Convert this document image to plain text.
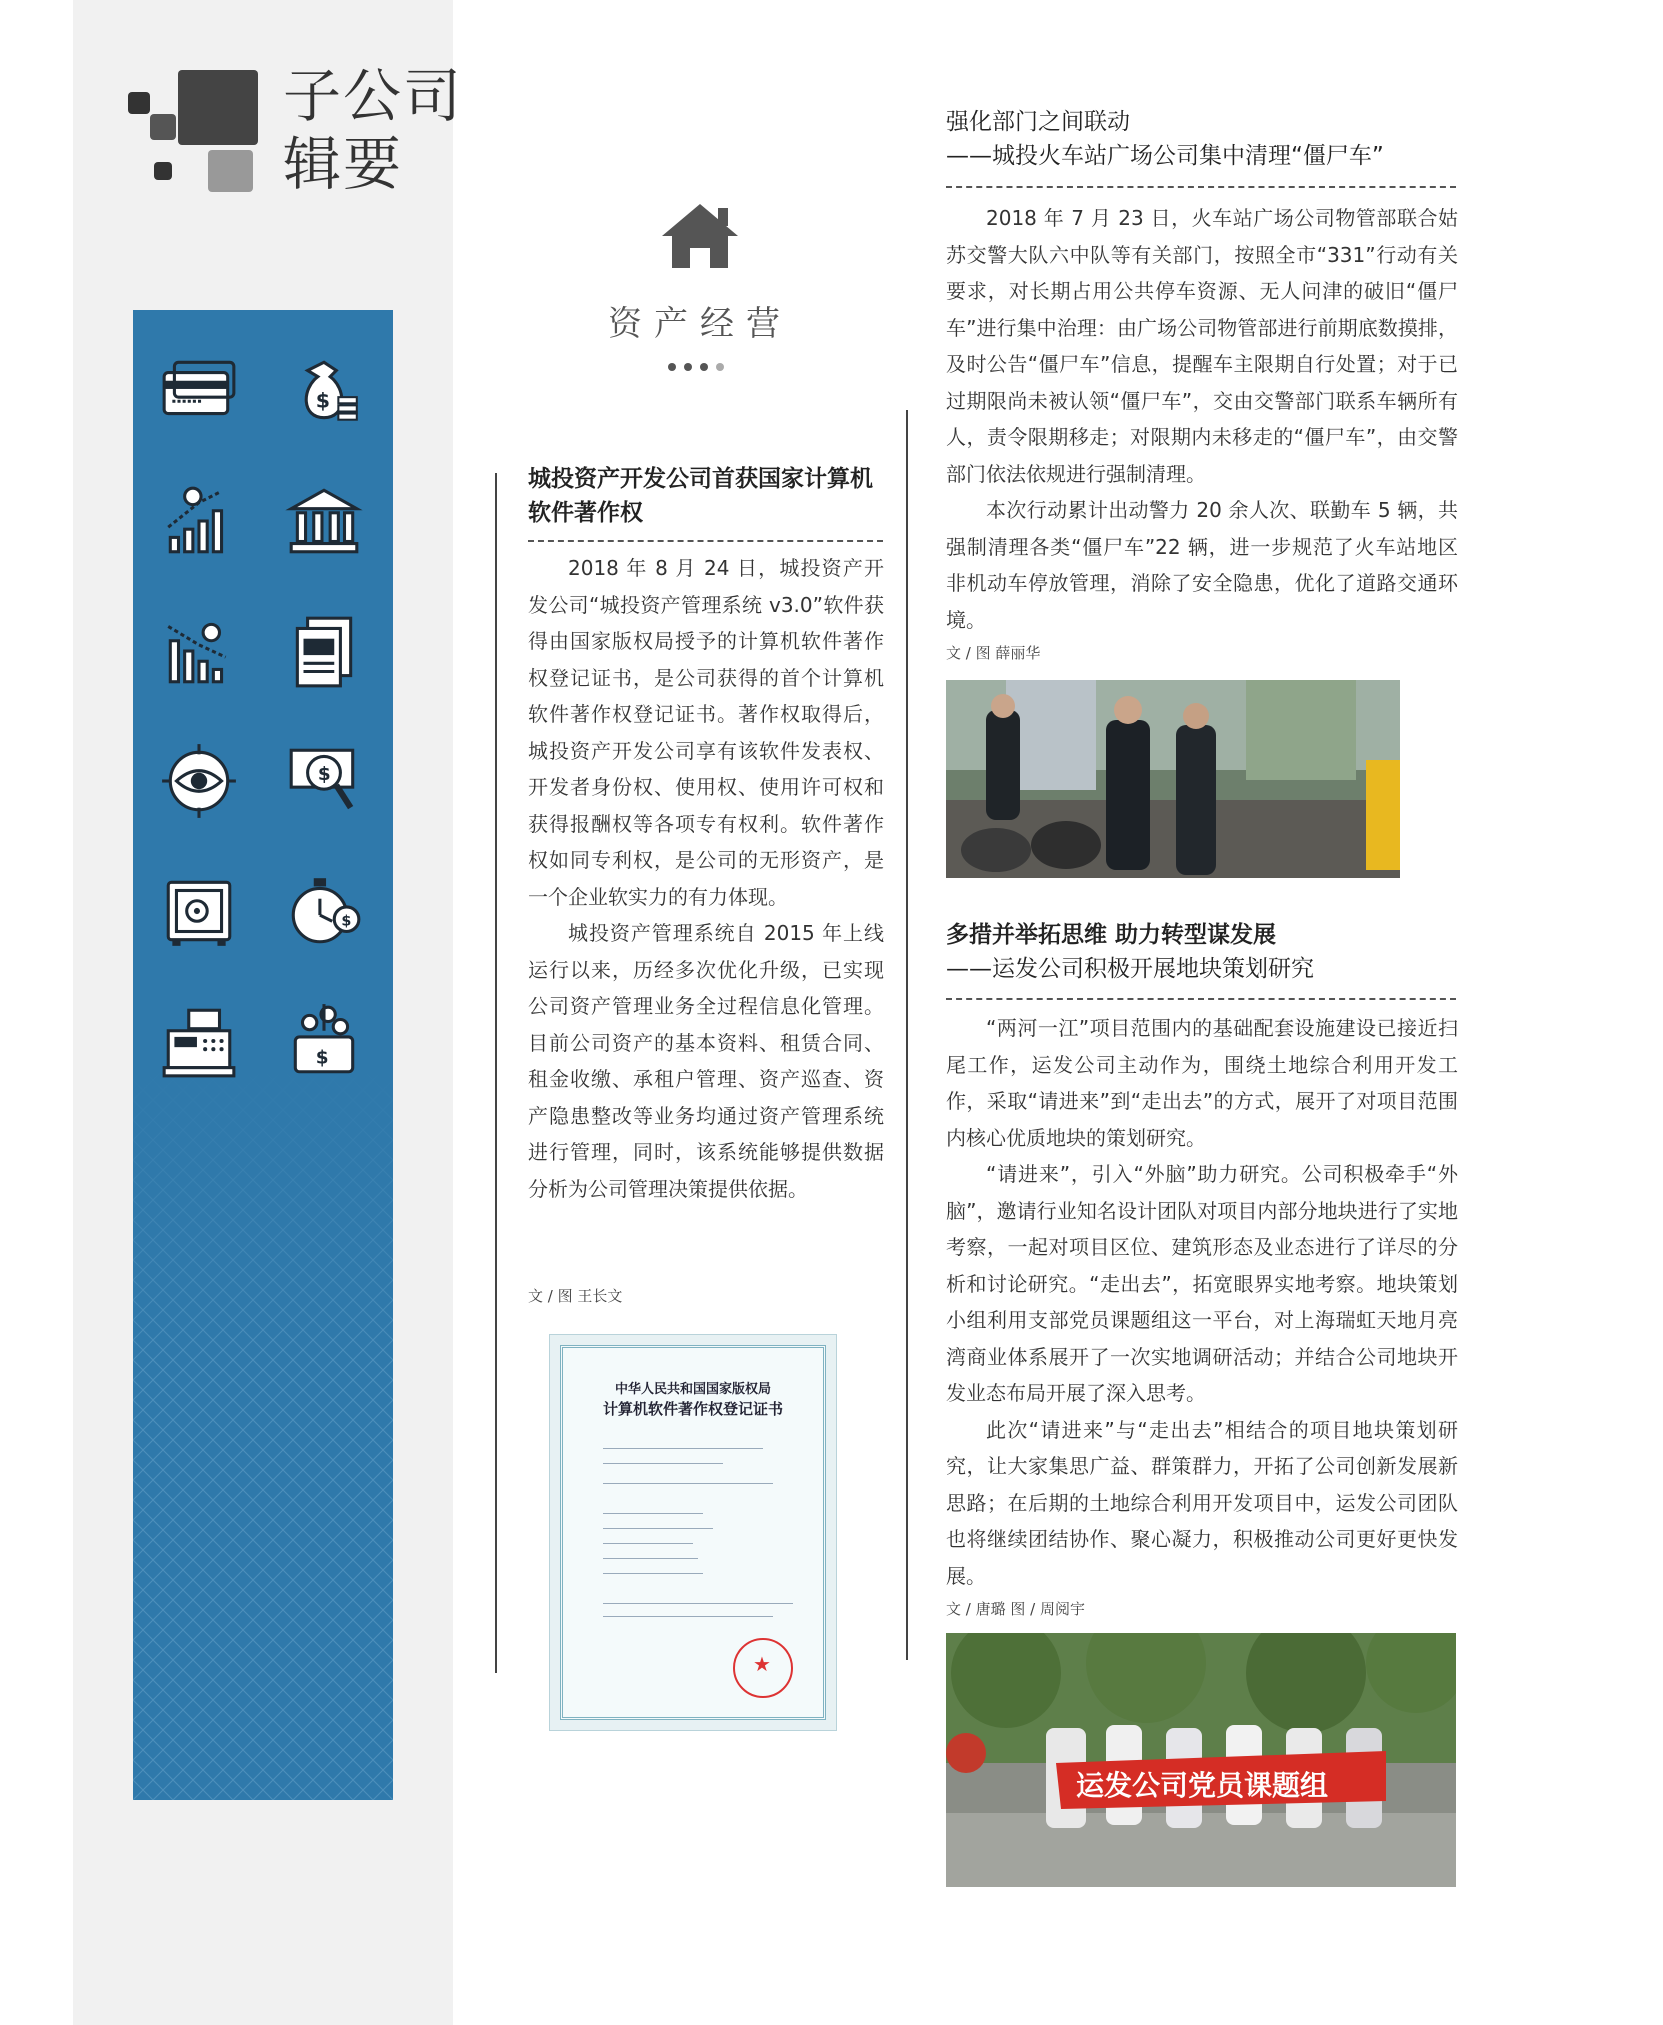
子公司
辑要
$
$
$
$
资产经营
城投资产开发公司首获国家计算机软件著作权

2018 年 8 月 24 日，城投资产开发公司“城投资产管理系统 v3.0”软件获得由国家版权局授予的计算机软件著作权登记证书，是公司获得的首个计算机软件著作权登记证书。著作权取得后，城投资产开发公司享有该软件发表权、开发者身份权、使用权、使用许可权和获得报酬权等各项专有权利。软件著作权如同专利权，是公司的无形资产，是一个企业软实力的有力体现。

城投资产管理系统自 2015 年上线运行以来，历经多次优化升级，已实现公司资产管理业务全过程信息化管理。目前公司资产的基本资料、租赁合同、租金收缴、承租户管理、资产巡查、资产隐患整改等业务均通过资产管理系统进行管理，同时，该系统能够提供数据分析为公司管理决策提供依据。

文 / 图 王长文
中华人民共和国国家版权局
计算机软件著作权登记证书
★
强化部门之间联动
——城投火车站广场公司集中清理“僵尸车”

2018 年 7 月 23 日，火车站广场公司物管部联合姑苏交警大队六中队等有关部门，按照全市“331”行动有关要求，对长期占用公共停车资源、无人问津的破旧“僵尸车”进行集中治理：由广场公司物管部进行前期底数摸排，及时公告“僵尸车”信息，提醒车主限期自行处置；对于已过期限尚未被认领“僵尸车”，交由交警部门联系车辆所有人，责令限期移走；对限期内未移走的“僵尸车”，由交警部门依法依规进行强制清理。

本次行动累计出动警力 20 余人次、联勤车 5 辆，共强制清理各类“僵尸车”22 辆，进一步规范了火车站地区非机动车停放管理，消除了安全隐患，优化了道路交通环境。

文 / 图 薛丽华
多措并举拓思维 助力转型谋发展
——运发公司积极开展地块策划研究

“两河一江”项目范围内的基础配套设施建设已接近扫尾工作，运发公司主动作为，围绕土地综合利用开发工作，采取“请进来”到“走出去”的方式，展开了对项目范围内核心优质地块的策划研究。

“请进来”，引入“外脑”助力研究。公司积极牵手“外脑”，邀请行业知名设计团队对项目内部分地块进行了实地考察，一起对项目区位、建筑形态及业态进行了详尽的分析和讨论研究。“走出去”，拓宽眼界实地考察。地块策划小组利用支部党员课题组这一平台，对上海瑞虹天地月亮湾商业体系展开了一次实地调研活动；并结合公司地块开发业态布局开展了深入思考。

此次“请进来”与“走出去”相结合的项目地块策划研究，让大家集思广益、群策群力，开拓了公司创新发展新思路；在后期的土地综合利用开发项目中，运发公司团队也将继续团结协作、聚心凝力，积极推动公司更好更快发展。

文 / 唐璐 图 / 周阅宇
运发公司党员课题组
